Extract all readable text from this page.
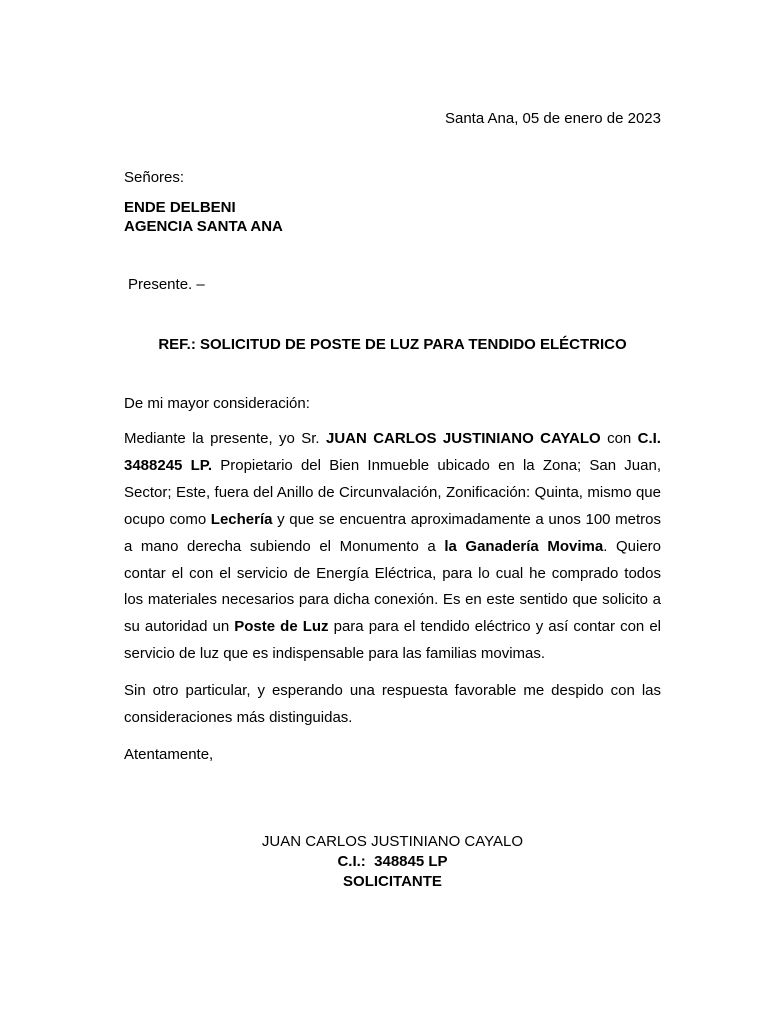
Santa Ana, 05 de enero de 2023
Señores:
ENDE DELBENI
AGENCIA SANTA ANA
Presente. –
REF.: SOLICITUD DE POSTE DE LUZ PARA TENDIDO ELÉCTRICO
De mi mayor consideración:

Mediante la presente, yo Sr. JUAN CARLOS JUSTINIANO CAYALO con C.I. 3488245 LP. Propietario del Bien Inmueble ubicado en la Zona; San Juan, Sector; Este, fuera del Anillo de Circunvalación, Zonificación: Quinta, mismo que ocupo como Lechería y que se encuentra aproximadamente a unos 100 metros a mano derecha subiendo el Monumento a la Ganadería Movima. Quiero contar el con el servicio de Energía Eléctrica, para lo cual he comprado todos los materiales necesarios para dicha conexión. Es en este sentido que solicito a su autoridad un Poste de Luz para para el tendido eléctrico y así contar con el servicio de luz que es indispensable para las familias movimas.

Sin otro particular, y esperando una respuesta favorable me despido con las consideraciones más distinguidas.

Atentamente,

JUAN CARLOS JUSTINIANO CAYALO
C.I.:  348845 LP
SOLICITANTE
